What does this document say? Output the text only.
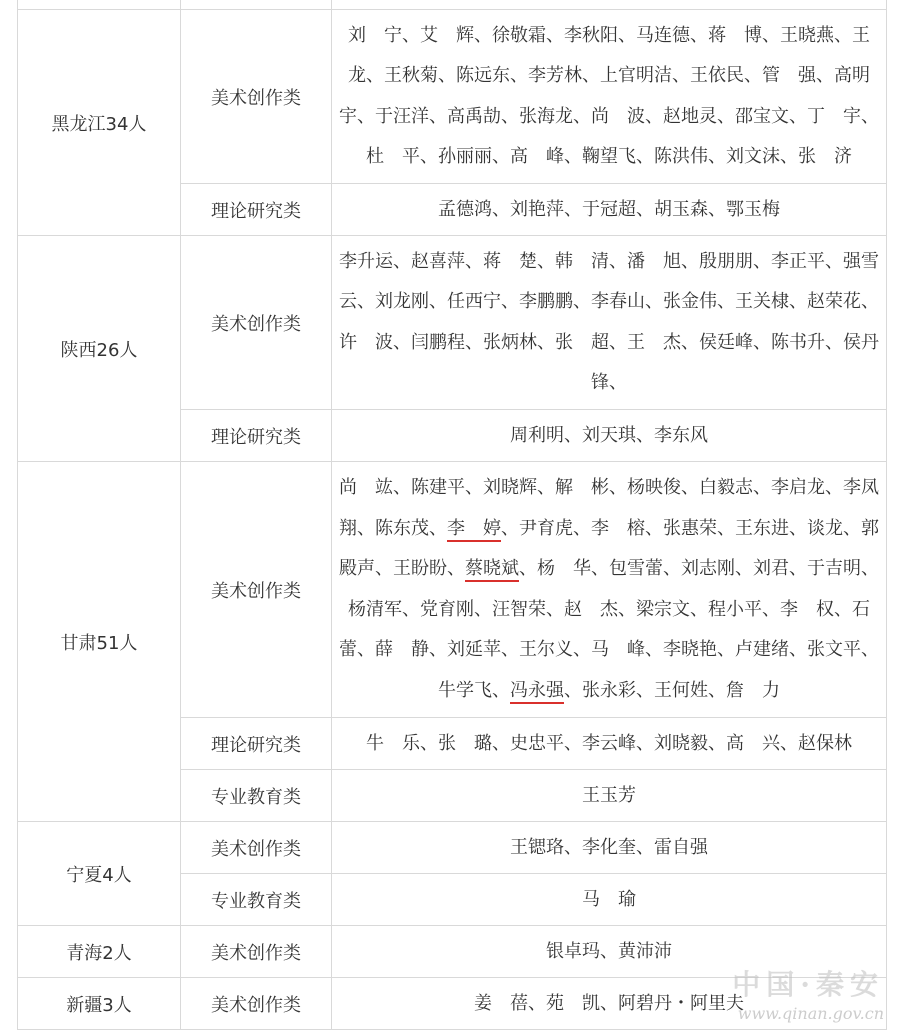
黑龙江34人	美术创作类	刘　宁、艾　辉、徐敬霜、李秋阳、马连德、蒋　博、王晓燕、王　龙、王秋菊、陈远东、李芳林、上官明洁、王依民、管　强、高明宇、于汪洋、高禹劼、张海龙、尚　波、赵地灵、邵宝文、丁　宇、杜　平、孙丽丽、高　峰、鞠望飞、陈洪伟、刘文沫、张　济
	理论研究类	孟德鸿、刘艳萍、于冠超、胡玉森、鄂玉梅
陕西26人	美术创作类	李升运、赵喜萍、蒋　楚、韩　清、潘　旭、殷朋朋、李正平、强雪云、刘龙刚、任西宁、李鹏鹏、李春山、张金伟、王关棣、赵荣花、许　波、闫鹏程、张炳林、张　超、王　杰、侯廷峰、陈书升、侯丹锋、
	理论研究类	周利明、刘天琪、李东风
甘肃51人	美术创作类	尚　竑、陈建平、刘晓辉、解　彬、杨映俊、白毅志、李启龙、李凤翔、陈东茂、李　婷、尹育虎、李　榕、张惠荣、王东进、谈龙、郭殿声、王盼盼、蔡晓斌、杨　华、包雪蕾、刘志刚、刘君、于吉明、杨清军、党育刚、汪智荣、赵　杰、梁宗文、程小平、李　权、石　蕾、薛　静、刘延苹、王尔义、马　峰、李晓艳、卢建绪、张文平、牛学飞、冯永强、张永彩、王何姓、詹　力
	理论研究类	牛　乐、张　璐、史忠平、李云峰、刘晓毅、高　兴、赵保林
	专业教育类	王玉芳
宁夏4人	美术创作类	王锶珞、李化奎、雷自强
	专业教育类	马　瑜
青海2人	美术创作类	银卓玛、黄沛沛
新疆3人	美术创作类	姜　蓓、苑　凯、阿碧丹・阿里夫
中国·秦安
www.qinan.gov.cn
